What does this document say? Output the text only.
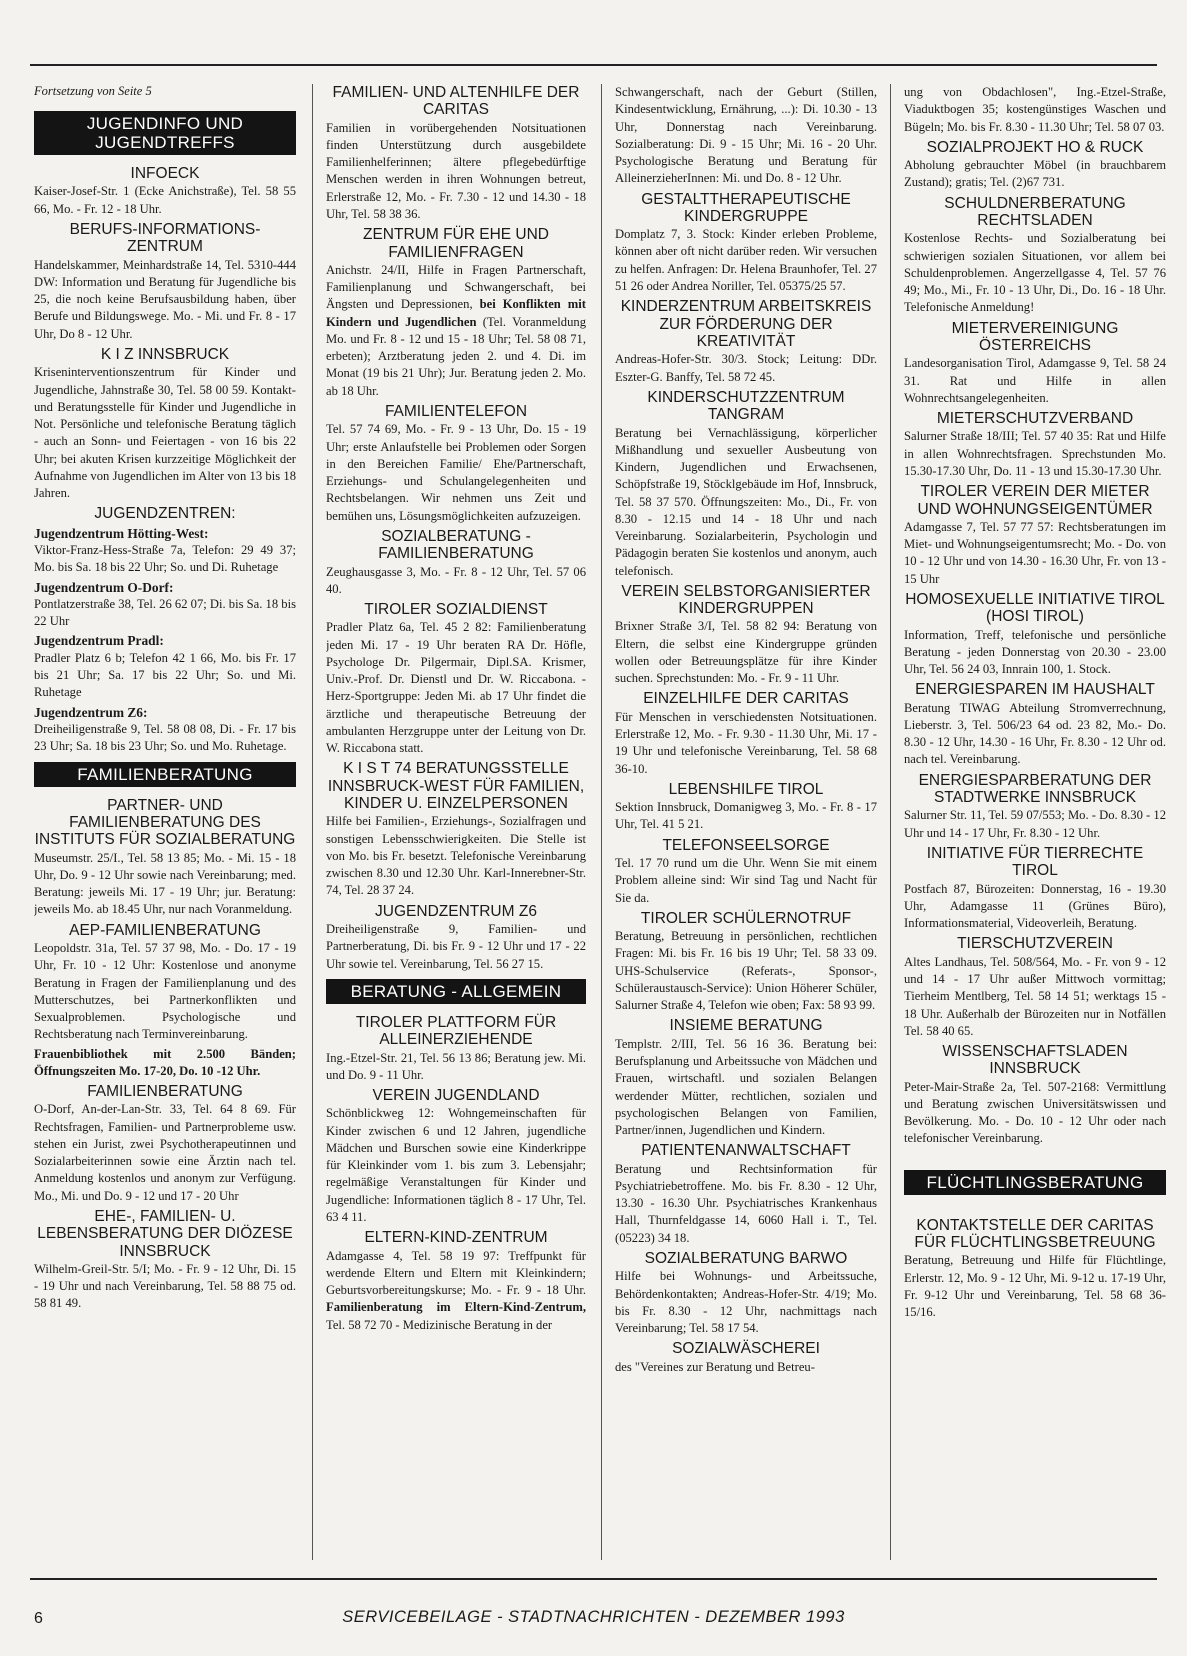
Fortsetzung von Seite 5
JUGENDINFO UND JUGENDTREFFS
INFOECK
Kaiser-Josef-Str. 1 (Ecke Anichstraße), Tel. 58 55 66, Mo. - Fr. 12 - 18 Uhr.
BERUFS-INFORMATIONS-ZENTRUM
Handelskammer, Meinhardstraße 14, Tel. 5310-444 DW: Information und Beratung für Jugendliche bis 25, die noch keine Berufsausbildung haben, über Berufe und Bildungswege. Mo. - Mi. und Fr. 8 - 17 Uhr, Do 8 - 12 Uhr.
K I Z INNSBRUCK
Kriseninterventionszentrum für Kinder und Jugendliche, Jahnstraße 30, Tel. 58 00 59. Kontakt- und Beratungsstelle für Kinder und Jugendliche in Not. Persönliche und telefonische Beratung täglich - auch an Sonn- und Feiertagen - von 16 bis 22 Uhr; bei akuten Krisen kurzzeitige Möglichkeit der Aufnahme von Jugendlichen im Alter von 13 bis 18 Jahren.
JUGENDZENTREN:
Jugendzentrum Hötting-West:
Viktor-Franz-Hess-Straße 7a, Telefon: 29 49 37; Mo. bis Sa. 18 bis 22 Uhr; So. und Di. Ruhetage
Jugendzentrum O-Dorf:
Pontlatzerstraße 38, Tel. 26 62 07; Di. bis Sa. 18 bis 22 Uhr
Jugendzentrum Pradl:
Pradler Platz 6 b; Telefon 42 1 66, Mo. bis Fr. 17 bis 21 Uhr; Sa. 17 bis 22 Uhr; So. und Mi. Ruhetage
Jugendzentrum Z6:
Dreiheiligenstraße 9, Tel. 58 08 08, Di. - Fr. 17 bis 23 Uhr; Sa. 18 bis 23 Uhr; So. und Mo. Ruhetage.
FAMILIENBERATUNG
PARTNER- UND FAMILIENBERATUNG DES INSTITUTS FÜR SOZIALBERATUNG
Museumstr. 25/I., Tel. 58 13 85; Mo. - Mi. 15 - 18 Uhr, Do. 9 - 12 Uhr sowie nach Vereinbarung; med. Beratung: jeweils Mi. 17 - 19 Uhr; jur. Beratung: jeweils Mo. ab 18.45 Uhr, nur nach Voranmeldung.
AEP-FAMILIENBERATUNG
Leopoldstr. 31a, Tel. 57 37 98, Mo. - Do. 17 - 19 Uhr, Fr. 10 - 12 Uhr: Kostenlose und anonyme Beratung in Fragen der Familienplanung und des Mutterschutzes, bei Partnerkonflikten und Sexualproblemen. Psychologische und Rechtsberatung nach Terminvereinbarung.
Frauenbibliothek mit 2.500 Bänden; Öffnungszeiten Mo. 17-20, Do. 10 -12 Uhr.
FAMILIENBERATUNG
O-Dorf, An-der-Lan-Str. 33, Tel. 64 8 69. Für Rechtsfragen, Familien- und Partnerprobleme usw. stehen ein Jurist, zwei Psychotherapeutinnen und Sozialarbeiterinnen sowie eine Ärztin nach tel. Anmeldung kostenlos und anonym zur Verfügung. Mo., Mi. und Do. 9 - 12 und 17 - 20 Uhr
EHE-, FAMILIEN- U. LEBENSBERATUNG DER DIÖZESE INNSBRUCK
Wilhelm-Greil-Str. 5/I; Mo. - Fr. 9 - 12 Uhr, Di. 15 - 19 Uhr und nach Vereinbarung, Tel. 58 88 75 od. 58 81 49.
FAMILIEN- UND ALTENHILFE DER CARITAS
Familien in vorübergehenden Notsituationen finden Unterstützung durch ausgebildete Familienhelferinnen; ältere pflegebedürftige Menschen werden in ihren Wohnungen betreut, Erlerstraße 12, Mo. - Fr. 7.30 - 12 und 14.30 - 18 Uhr, Tel. 58 38 36.
ZENTRUM FÜR EHE UND FAMILIENFRAGEN
Anichstr. 24/II, Hilfe in Fragen Partnerschaft, Familienplanung und Schwangerschaft, bei Ängsten und Depressionen, bei Konflikten mit Kindern und Jugendlichen (Tel. Voranmeldung Mo. und Fr. 8 - 12 und 15 - 18 Uhr; Tel. 58 08 71, erbeten); Arztberatung jeden 2. und 4. Di. im Monat (19 bis 21 Uhr); Jur. Beratung jeden 2. Mo. ab 18 Uhr.
FAMILIENTELEFON
Tel. 57 74 69, Mo. - Fr. 9 - 13 Uhr, Do. 15 - 19 Uhr; erste Anlaufstelle bei Problemen oder Sorgen in den Bereichen Familie/ Ehe/Partnerschaft, Erziehungs- und Schulangelegenheiten und Rechtsbelangen. Wir nehmen uns Zeit und bemühen uns, Lösungsmöglichkeiten aufzuzeigen.
SOZIALBERATUNG - FAMILIENBERATUNG
Zeughausgasse 3, Mo. - Fr. 8 - 12 Uhr, Tel. 57 06 40.
TIROLER SOZIALDIENST
Pradler Platz 6a, Tel. 45 2 82: Familienberatung jeden Mi. 17 - 19 Uhr beraten RA Dr. Höfle, Psychologe Dr. Pilgermair, Dipl.SA. Krismer, Univ.-Prof. Dr. Dienstl und Dr. W. Riccabona. - Herz-Sportgruppe: Jeden Mi. ab 17 Uhr findet die ärztliche und therapeutische Betreuung der ambulanten Herzgruppe unter der Leitung von Dr. W. Riccabona statt.
K I S T 74 BERATUNGSSTELLE INNSBRUCK-WEST FÜR FAMILIEN, KINDER U. EINZELPERSONEN
Hilfe bei Familien-, Erziehungs-, Sozialfragen und sonstigen Lebensschwierigkeiten. Die Stelle ist von Mo. bis Fr. besetzt. Telefonische Vereinbarung zwischen 8.30 und 12.30 Uhr. Karl-Innerebner-Str. 74, Tel. 28 37 24.
JUGENDZENTRUM Z6
Dreiheiligenstraße 9, Familien- und Partnerberatung, Di. bis Fr. 9 - 12 Uhr und 17 - 22 Uhr sowie tel. Vereinbarung, Tel. 56 27 15.
BERATUNG - ALLGEMEIN
TIROLER PLATTFORM FÜR ALLEINERZIEHENDE
Ing.-Etzel-Str. 21, Tel. 56 13 86; Beratung jew. Mi. und Do. 9 - 11 Uhr.
VEREIN JUGENDLAND
Schönblickweg 12: Wohngemeinschaften für Kinder zwischen 6 und 12 Jahren, jugendliche Mädchen und Burschen sowie eine Kinderkrippe für Kleinkinder vom 1. bis zum 3. Lebensjahr; regelmäßige Veranstaltungen für Kinder und Jugendliche: Informationen täglich 8 - 17 Uhr, Tel. 63 4 11.
ELTERN-KIND-ZENTRUM
Adamgasse 4, Tel. 58 19 97: Treffpunkt für werdende Eltern und Eltern mit Kleinkindern; Geburtsvorbereitungskurse; Mo. - Fr. 9 - 18 Uhr. Familienberatung im Eltern-Kind-Zentrum, Tel. 58 72 70 - Medizinische Beratung in der
Schwangerschaft, nach der Geburt (Stillen, Kindesentwicklung, Ernährung, ...): Di. 10.30 - 13 Uhr, Donnerstag nach Vereinbarung. Sozialberatung: Di. 9 - 15 Uhr; Mi. 16 - 20 Uhr. Psychologische Beratung und Beratung für AlleinerzieherInnen: Mi. und Do. 8 - 12 Uhr.
GESTALTTHERAPEUTISCHE KINDERGRUPPE
Domplatz 7, 3. Stock: Kinder erleben Probleme, können aber oft nicht darüber reden. Wir versuchen zu helfen. Anfragen: Dr. Helena Braunhofer, Tel. 27 51 26 oder Andrea Noriller, Tel. 05375/25 57.
KINDERZENTRUM ARBEITSKREIS ZUR FÖRDERUNG DER KREATIVITÄT
Andreas-Hofer-Str. 30/3. Stock; Leitung: DDr. Eszter-G. Banffy, Tel. 58 72 45.
KINDERSCHUTZZENTRUM TANGRAM
Beratung bei Vernachlässigung, körperlicher Mißhandlung und sexueller Ausbeutung von Kindern, Jugendlichen und Erwachsenen, Schöpfstraße 19, Stöcklgebäude im Hof, Innsbruck, Tel. 58 37 570. Öffnungszeiten: Mo., Di., Fr. von 8.30 - 12.15 und 14 - 18 Uhr und nach Vereinbarung. Sozialarbeiterin, Psychologin und Pädagogin beraten Sie kostenlos und anonym, auch telefonisch.
VEREIN SELBSTORGANISIERTER KINDERGRUPPEN
Brixner Straße 3/I, Tel. 58 82 94: Beratung von Eltern, die selbst eine Kindergruppe gründen wollen oder Betreuungsplätze für ihre Kinder suchen. Sprechstunden: Mo. - Fr. 9 - 11 Uhr.
EINZELHILFE DER CARITAS
Für Menschen in verschiedensten Notsituationen. Erlerstraße 12, Mo. - Fr. 9.30 - 11.30 Uhr, Mi. 17 - 19 Uhr und telefonische Vereinbarung, Tel. 58 68 36-10.
LEBENSHILFE TIROL
Sektion Innsbruck, Domanigweg 3, Mo. - Fr. 8 - 17 Uhr, Tel. 41 5 21.
TELEFONSEELSORGE
Tel. 17 70 rund um die Uhr. Wenn Sie mit einem Problem alleine sind: Wir sind Tag und Nacht für Sie da.
TIROLER SCHÜLERNOTRUF
Beratung, Betreuung in persönlichen, rechtlichen Fragen: Mi. bis Fr. 16 bis 19 Uhr; Tel. 58 33 09. UHS-Schulservice (Referats-, Sponsor-, Schüleraustausch-Service): Union Höherer Schüler, Salurner Straße 4, Telefon wie oben; Fax: 58 93 99.
INSIEME BERATUNG
Templstr. 2/III, Tel. 56 16 36. Beratung bei: Berufsplanung und Arbeitssuche von Mädchen und Frauen, wirtschaftl. und sozialen Belangen werdender Mütter, rechtlichen, sozialen und psychologischen Belangen von Familien, Partner/innen, Jugendlichen und Kindern.
PATIENTENANWALTSCHAFT
Beratung und Rechtsinformation für Psychiatriebetroffene. Mo. bis Fr. 8.30 - 12 Uhr, 13.30 - 16.30 Uhr. Psychiatrisches Krankenhaus Hall, Thurnfeldgasse 14, 6060 Hall i. T., Tel. (05223) 34 18.
SOZIALBERATUNG BARWO
Hilfe bei Wohnungs- und Arbeitssuche, Behördenkontakten; Andreas-Hofer-Str. 4/19; Mo. bis Fr. 8.30 - 12 Uhr, nachmittags nach Vereinbarung; Tel. 58 17 54.
SOZIALWÄSCHEREI
des "Vereines zur Beratung und Betreu-
ung von Obdachlosen", Ing.-Etzel-Straße, Viaduktbogen 35; kostengünstiges Waschen und Bügeln; Mo. bis Fr. 8.30 - 11.30 Uhr; Tel. 58 07 03.
SOZIALPROJEKT HO & RUCK
Abholung gebrauchter Möbel (in brauchbarem Zustand); gratis; Tel. (2)67 731.
SCHULDNERBERATUNG RECHTSLADEN
Kostenlose Rechts- und Sozialberatung bei schwierigen sozialen Situationen, vor allem bei Schuldenproblemen. Angerzellgasse 4, Tel. 57 76 49; Mo., Mi., Fr. 10 - 13 Uhr, Di., Do. 16 - 18 Uhr. Telefonische Anmeldung!
MIETERVEREINIGUNG ÖSTERREICHS
Landesorganisation Tirol, Adamgasse 9, Tel. 58 24 31. Rat und Hilfe in allen Wohnrechtsangelegenheiten.
MIETERSCHUTZVERBAND
Salurner Straße 18/III; Tel. 57 40 35: Rat und Hilfe in allen Wohnrechtsfragen. Sprechstunden Mo. 15.30-17.30 Uhr, Do. 11 - 13 und 15.30-17.30 Uhr.
TIROLER VEREIN DER MIETER UND WOHNUNGSEIGENTÜMER
Adamgasse 7, Tel. 57 77 57: Rechtsberatungen im Miet- und Wohnungseigentumsrecht; Mo. - Do. von 10 - 12 Uhr und von 14.30 - 16.30 Uhr, Fr. von 13 - 15 Uhr
HOMOSEXUELLE INITIATIVE TIROL (HOSI TIROL)
Information, Treff, telefonische und persönliche Beratung - jeden Donnerstag von 20.30 - 23.00 Uhr, Tel. 56 24 03, Innrain 100, 1. Stock.
ENERGIESPAREN IM HAUSHALT
Beratung TIWAG Abteilung Stromverrechnung, Lieberstr. 3, Tel. 506/23 64 od. 23 82, Mo.- Do. 8.30 - 12 Uhr, 14.30 - 16 Uhr, Fr. 8.30 - 12 Uhr od. nach tel. Vereinbarung.
ENERGIESPARBERATUNG DER STADTWERKE INNSBRUCK
Salurner Str. 11, Tel. 59 07/553; Mo. - Do. 8.30 - 12 Uhr und 14 - 17 Uhr, Fr. 8.30 - 12 Uhr.
INITIATIVE FÜR TIERRECHTE TIROL
Postfach 87, Bürozeiten: Donnerstag, 16 - 19.30 Uhr, Adamgasse 11 (Grünes Büro), Informationsmaterial, Videoverleih, Beratung.
TIERSCHUTZVEREIN
Altes Landhaus, Tel. 508/564, Mo. - Fr. von 9 - 12 und 14 - 17 Uhr außer Mittwoch vormittag; Tierheim Mentlberg, Tel. 58 14 51; werktags 15 - 18 Uhr. Außerhalb der Bürozeiten nur in Notfällen Tel. 58 40 65.
WISSENSCHAFTSLADEN INNSBRUCK
Peter-Mair-Straße 2a, Tel. 507-2168: Vermittlung und Beratung zwischen Universitätswissen und Bevölkerung. Mo. - Do. 10 - 12 Uhr oder nach telefonischer Vereinbarung.
FLÜCHTLINGSBERATUNG
KONTAKTSTELLE DER CARITAS FÜR FLÜCHTLINGSBETREUUNG
Beratung, Betreuung und Hilfe für Flüchtlinge, Erlerstr. 12, Mo. 9 - 12 Uhr, Mi. 9-12 u. 17-19 Uhr, Fr. 9-12 Uhr und Vereinbarung, Tel. 58 68 36-15/16.
6	SERVICEBEILAGE - STADTNACHRICHTEN - DEZEMBER 1993
